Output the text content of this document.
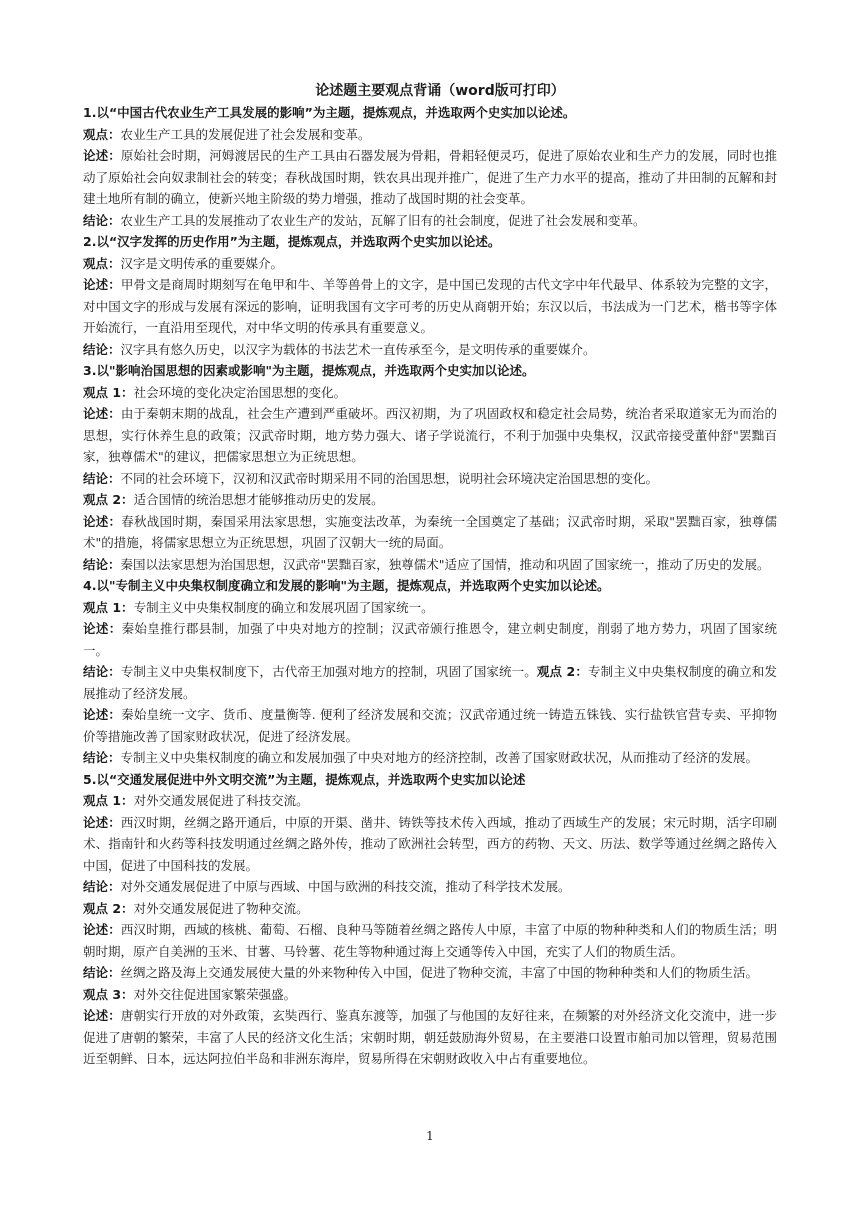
论述题主要观点背诵（word版可打印）
1.以“中国古代农业生产工具发展的影响”为主题，提炼观点，并选取两个史实加以论述。
观点：农业生产工具的发展促进了社会发展和变革。
论述：原始社会时期，河姆渡居民的生产工具由石器发展为骨耜，骨耜轻便灵巧，促进了原始农业和生产力的发展，同时也推动了原始社会向奴隶制社会的转变；春秋战国时期，铁农具出现并推广，促进了生产力水平的提高，推动了井田制的瓦解和封建土地所有制的确立，使新兴地主阶级的势力增强，推动了战国时期的社会变革。
结论：农业生产工具的发展推动了农业生产的发站，瓦解了旧有的社会制度，促进了社会发展和变革。
2.以“汉字发挥的历史作用”为主题，提炼观点，并选取两个史实加以论述。
观点：汉字是文明传承的重要媒介。
论述：甲骨文是商周时期刻写在龟甲和牛、羊等兽骨上的文字，是中国已发现的古代文字中年代最早、体系较为完整的文字，对中国文字的形成与发展有深远的影响，证明我国有文字可考的历史从商朝开始；东汉以后，书法成为一门艺术，楷书等字体开始流行，一直沿用至现代，对中华文明的传承具有重要意义。
结论：汉字具有悠久历史，以汉字为载体的书法艺术一直传承至今，是文明传承的重要媒介。
3.以"影响治国思想的因素或影响"为主题，提炼观点，并选取两个史实加以论述。
观点 1：社会环境的变化决定治国思想的变化。
论述：由于秦朝末期的战乱，社会生产遭到严重破坏。西汉初期，为了巩固政权和稳定社会局势，统治者采取道家无为而治的思想，实行休养生息的政策；汉武帝时期，地方势力强大、诸子学说流行，不利于加强中央集权，汉武帝接受董仲舒"罢黜百家，独尊儒术"的建议，把儒家思想立为正统思想。
结论：不同的社会环境下，汉初和汉武帝时期采用不同的治国思想，说明社会环境决定治国思想的变化。
观点 2：适合国情的统治思想才能够推动历史的发展。
论述：春秋战国时期，秦国采用法家思想，实施变法改革，为秦统一全国奠定了基础；汉武帝时期，采取"罢黜百家，独尊儒术"的措施，将儒家思想立为正统思想，巩固了汉朝大一统的局面。
结论：秦国以法家思想为治国思想，汉武帝"罢黜百家，独尊儒术"适应了国情，推动和巩固了国家统一，推动了历史的发展。
4.以"专制主义中央集权制度确立和发展的影响"为主题，提炼观点，并选取两个史实加以论述。
观点 1：专制主义中央集权制度的确立和发展巩固了国家统一。
论述：秦始皇推行郡县制，加强了中央对地方的控制；汉武帝颁行推恩令，建立刺史制度，削弱了地方势力，巩固了国家统一。
结论：专制主义中央集权制度下，古代帝王加强对地方的控制，巩固了国家统一。观点 2：专制主义中央集权制度的确立和发展推动了经济发展。
论述：秦始皇统一文字、货币、度量衡等. 便利了经济发展和交流；汉武帝通过统一铸造五铢钱、实行盐铁官营专卖、平抑物价等措施改善了国家财政状况，促进了经济发展。
结论：专制主义中央集权制度的确立和发展加强了中央对地方的经济控制，改善了国家财政状况，从而推动了经济的发展。
5.以“交通发展促进中外文明交流”为主题，提炼观点，并选取两个史实加以论述
观点 1：对外交通发展促进了科技交流。
论述：西汉时期，丝绸之路开通后，中原的开渠、凿井、铸铁等技术传入西域，推动了西域生产的发展；宋元时期，活字印刷术、指南针和火药等科技发明通过丝绸之路外传，推动了欧洲社会转型，西方的药物、天文、历法、数学等通过丝绸之路传入中国，促进了中国科技的发展。
结论：对外交通发展促进了中原与西域、中国与欧洲的科技交流，推动了科学技术发展。
观点 2：对外交通发展促进了物种交流。
论述：西汉时期，西域的核桃、葡萄、石榴、良种马等随着丝绸之路传人中原，丰富了中原的物种种类和人们的物质生活；明朝时期，原产自美洲的玉米、甘薯、马铃薯、花生等物种通过海上交通等传入中国，充实了人们的物质生活。
结论：丝绸之路及海上交通发展使大量的外来物种传入中国，促进了物种交流，丰富了中国的物种种类和人们的物质生活。
观点 3：对外交往促进国家繁荣强盛。
论述：唐朝实行开放的对外政策，玄奘西行、鉴真东渡等，加强了与他国的友好往来，在频繁的对外经济文化交流中，进一步促进了唐朝的繁荣，丰富了人民的经济文化生活；宋朝时期，朝廷鼓励海外贸易，在主要港口设置市舶司加以管理，贸易范围近至朝鲜、日本，远达阿拉伯半岛和非洲东海岸，贸易所得在宋朝财政收入中占有重要地位。
1
